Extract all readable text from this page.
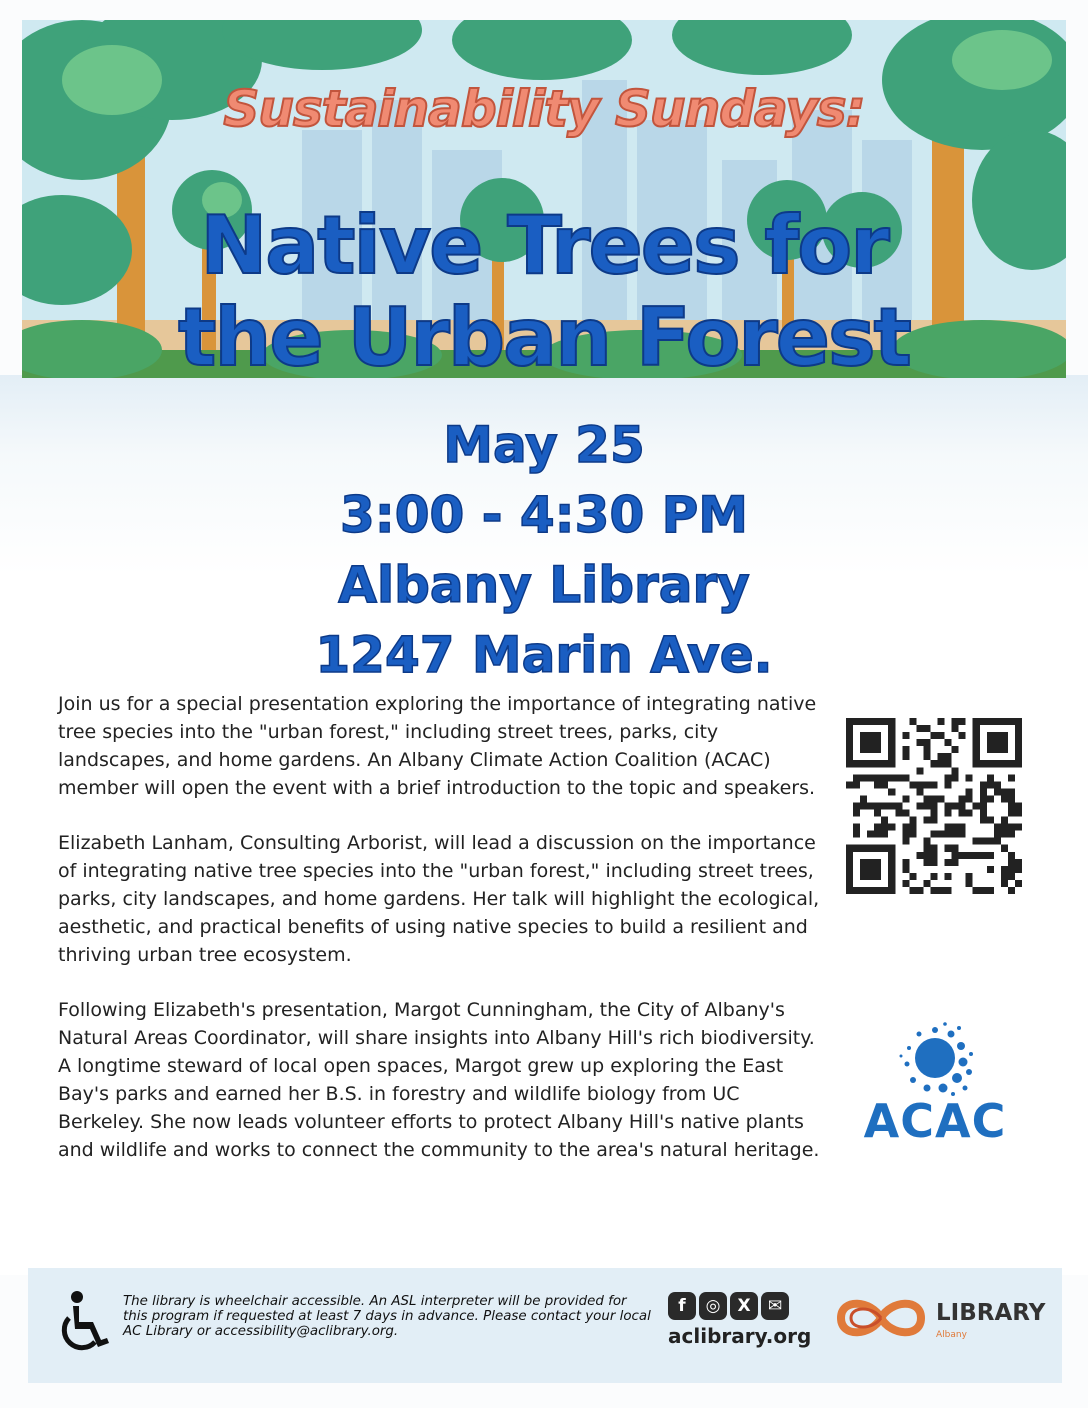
Sustainability Sundays:
Native Trees for
the Urban Forest
May 25
3:00 - 4:30 PM
Albany Library
1247 Marin Ave.

Join us for a special presentation exploring the importance of integrating native tree species into the "urban forest," including street trees, parks, city landscapes, and home gardens. An Albany Climate Action Coalition (ACAC) member will open the event with a brief introduction to the topic and speakers.

Elizabeth Lanham, Consulting Arborist, will lead a discussion on the importance of integrating native tree species into the "urban forest," including street trees, parks, city landscapes, and home gardens. Her talk will highlight the ecological, aesthetic, and practical benefits of using native species to build a resilient and thriving urban tree ecosystem.

Following Elizabeth's presentation, Margot Cunningham, the City of Albany's Natural Areas Coordinator, will share insights into Albany Hill's rich biodiversity. A longtime steward of local open spaces, Margot grew up exploring the East Bay's parks and earned her B.S. in forestry and wildlife biology from UC Berkeley. She now leads volunteer efforts to protect Albany Hill's native plants and wildlife and works to connect the community to the area's natural heritage.

ACAC
The library is wheelchair accessible. An ASL interpreter will be provided for this program if requested at least 7 days in advance. Please contact your local AC Library or accessibility@aclibrary.org.
f	◎	X	✉
aclibrary.org
LIBRARY
Albany
